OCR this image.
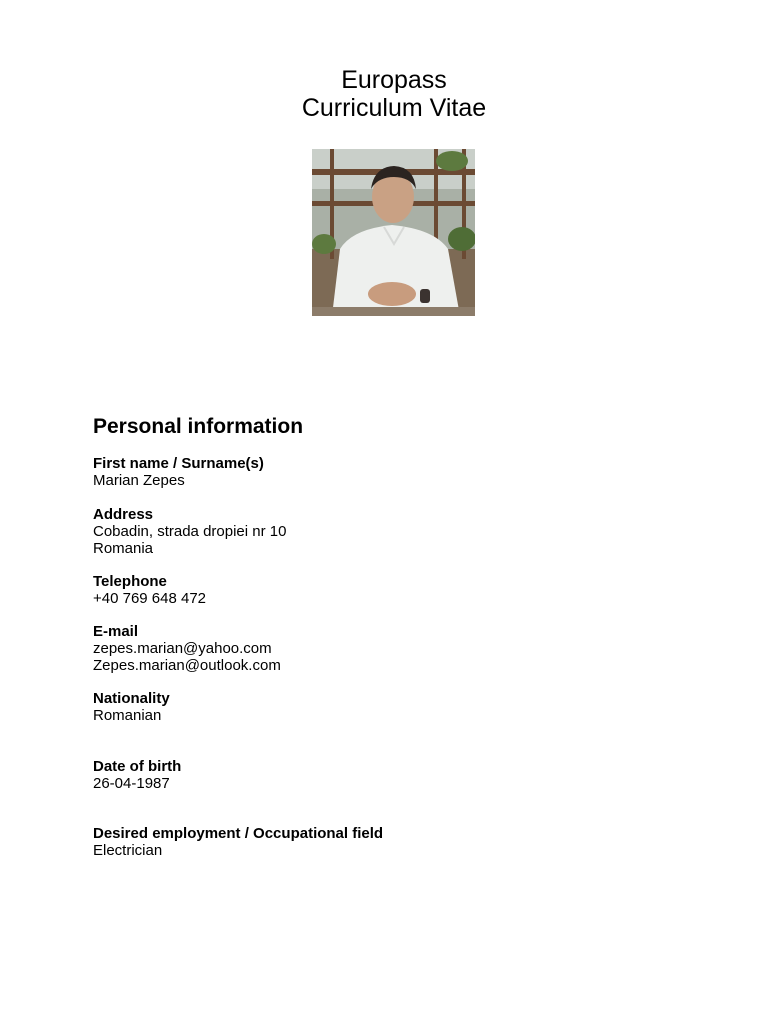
Europass
Curriculum Vitae
Personal information
First name / Surname(s)
Marian Zepes
Address
Cobadin, strada dropiei nr 10
Romania
Telephone
+40 769 648 472
E-mail
zepes.marian@yahoo.com
Zepes.marian@outlook.com
Nationality
Romanian
Date of birth
26-04-1987
Desired employment / Occupational field
Electrician
